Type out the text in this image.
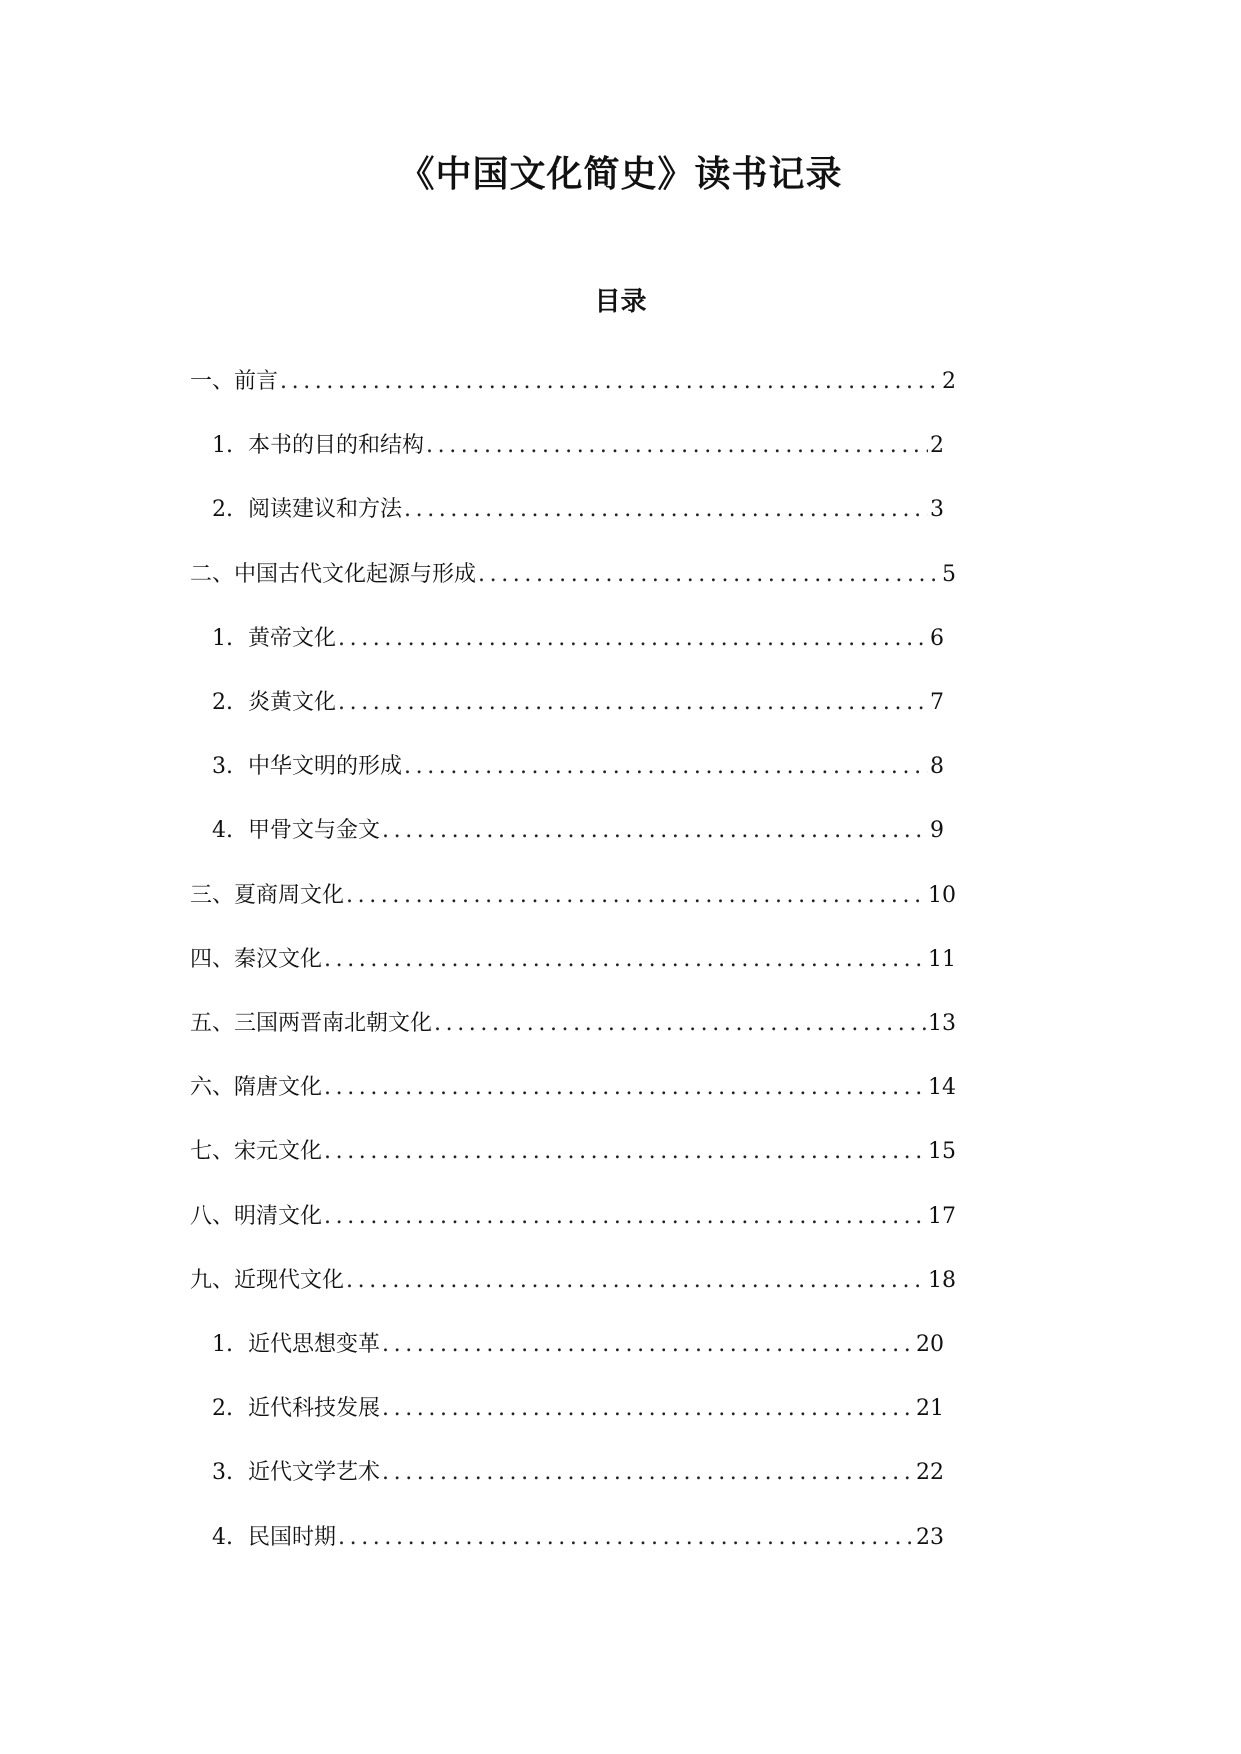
《中国文化简史》读书记录
目录
一、前言 .....	2
1. 本书的目的和结构 .....	2
2. 阅读建议和方法 .....	3
二、中国古代文化起源与形成 .....	5
1. 黄帝文化 .....	6
2. 炎黄文化 .....	7
3. 中华文明的形成 .....	8
4. 甲骨文与金文 .....	9
三、夏商周文化 .....	10
四、秦汉文化 .....	11
五、三国两晋南北朝文化 .....	13
六、隋唐文化 .....	14
七、宋元文化 .....	15
八、明清文化 .....	17
九、近现代文化 .....	18
1. 近代思想变革 .....	20
2. 近代科技发展 .....	21
3. 近代文学艺术 .....	22
4. 民国时期 .....	23
